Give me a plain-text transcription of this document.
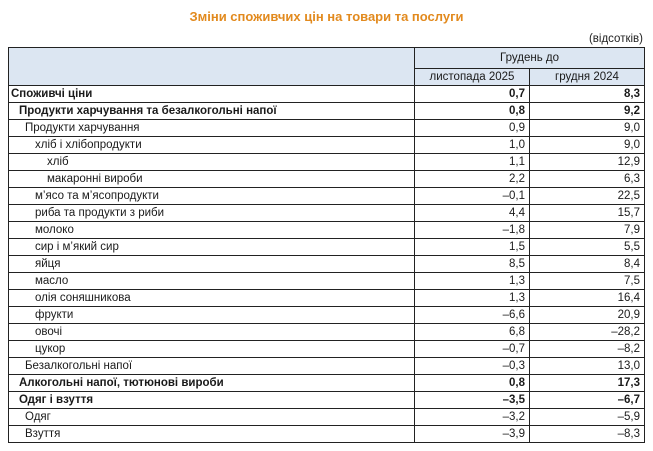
Зміни споживчих цін на товари та послуги
(відсотків)
	Грудень до	
	листопада 2025	грудня 2024
Споживчі ціни	0,7	8,3
Продукти харчування та безалкогольні напої	0,8	9,2
Продукти харчування	0,9	9,0
хліб і хлібопродукти	1,0	9,0
хліб	1,1	12,9
макаронні вироби	2,2	6,3
м’ясо та м’ясопродукти	–0,1	22,5
риба та продукти з риби	4,4	15,7
молоко	–1,8	7,9
сир і м’який сир	1,5	5,5
яйця	8,5	8,4
масло	1,3	7,5
олія соняшникова	1,3	16,4
фрукти	–6,6	20,9
овочі	6,8	–28,2
цукор	–0,7	–8,2
Безалкогольні напої	–0,3	13,0
Алкогольні напої, тютюнові вироби	0,8	17,3
Одяг і взуття	–3,5	–6,7
Одяг	–3,2	–5,9
Взуття	–3,9	–8,3
